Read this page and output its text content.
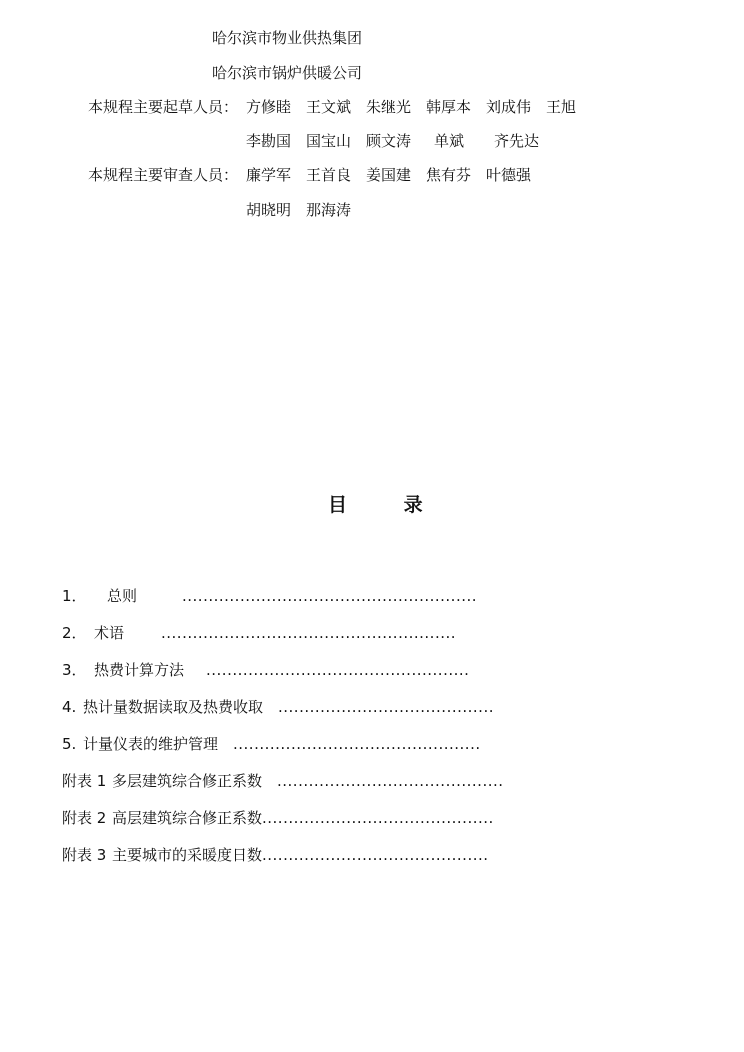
哈尔滨市物业供热集团
哈尔滨市锅炉供暖公司
本规程主要起草人员： 方修睦 王文斌 朱继光 韩厚本 刘成伟 王旭
李勘国 国宝山 顾文涛 单斌 齐先达
本规程主要审查人员： 廉学军 王首良 姜国建 焦有芬 叶德强
胡晓明 那海涛
目	录
1． 总则	........................................................
2． 术语 ........................................................
3． 热费计算方法 ..................................................
4. 热计量数据读取及热费收取 .........................................
5. 计量仪表的维护管理 ...............................................
附表 1 多层建筑综合修正系数 ...........................................
附表 2 高层建筑综合修正系数 ............................................
附表 3 主要城市的采暖度日数 ...........................................
